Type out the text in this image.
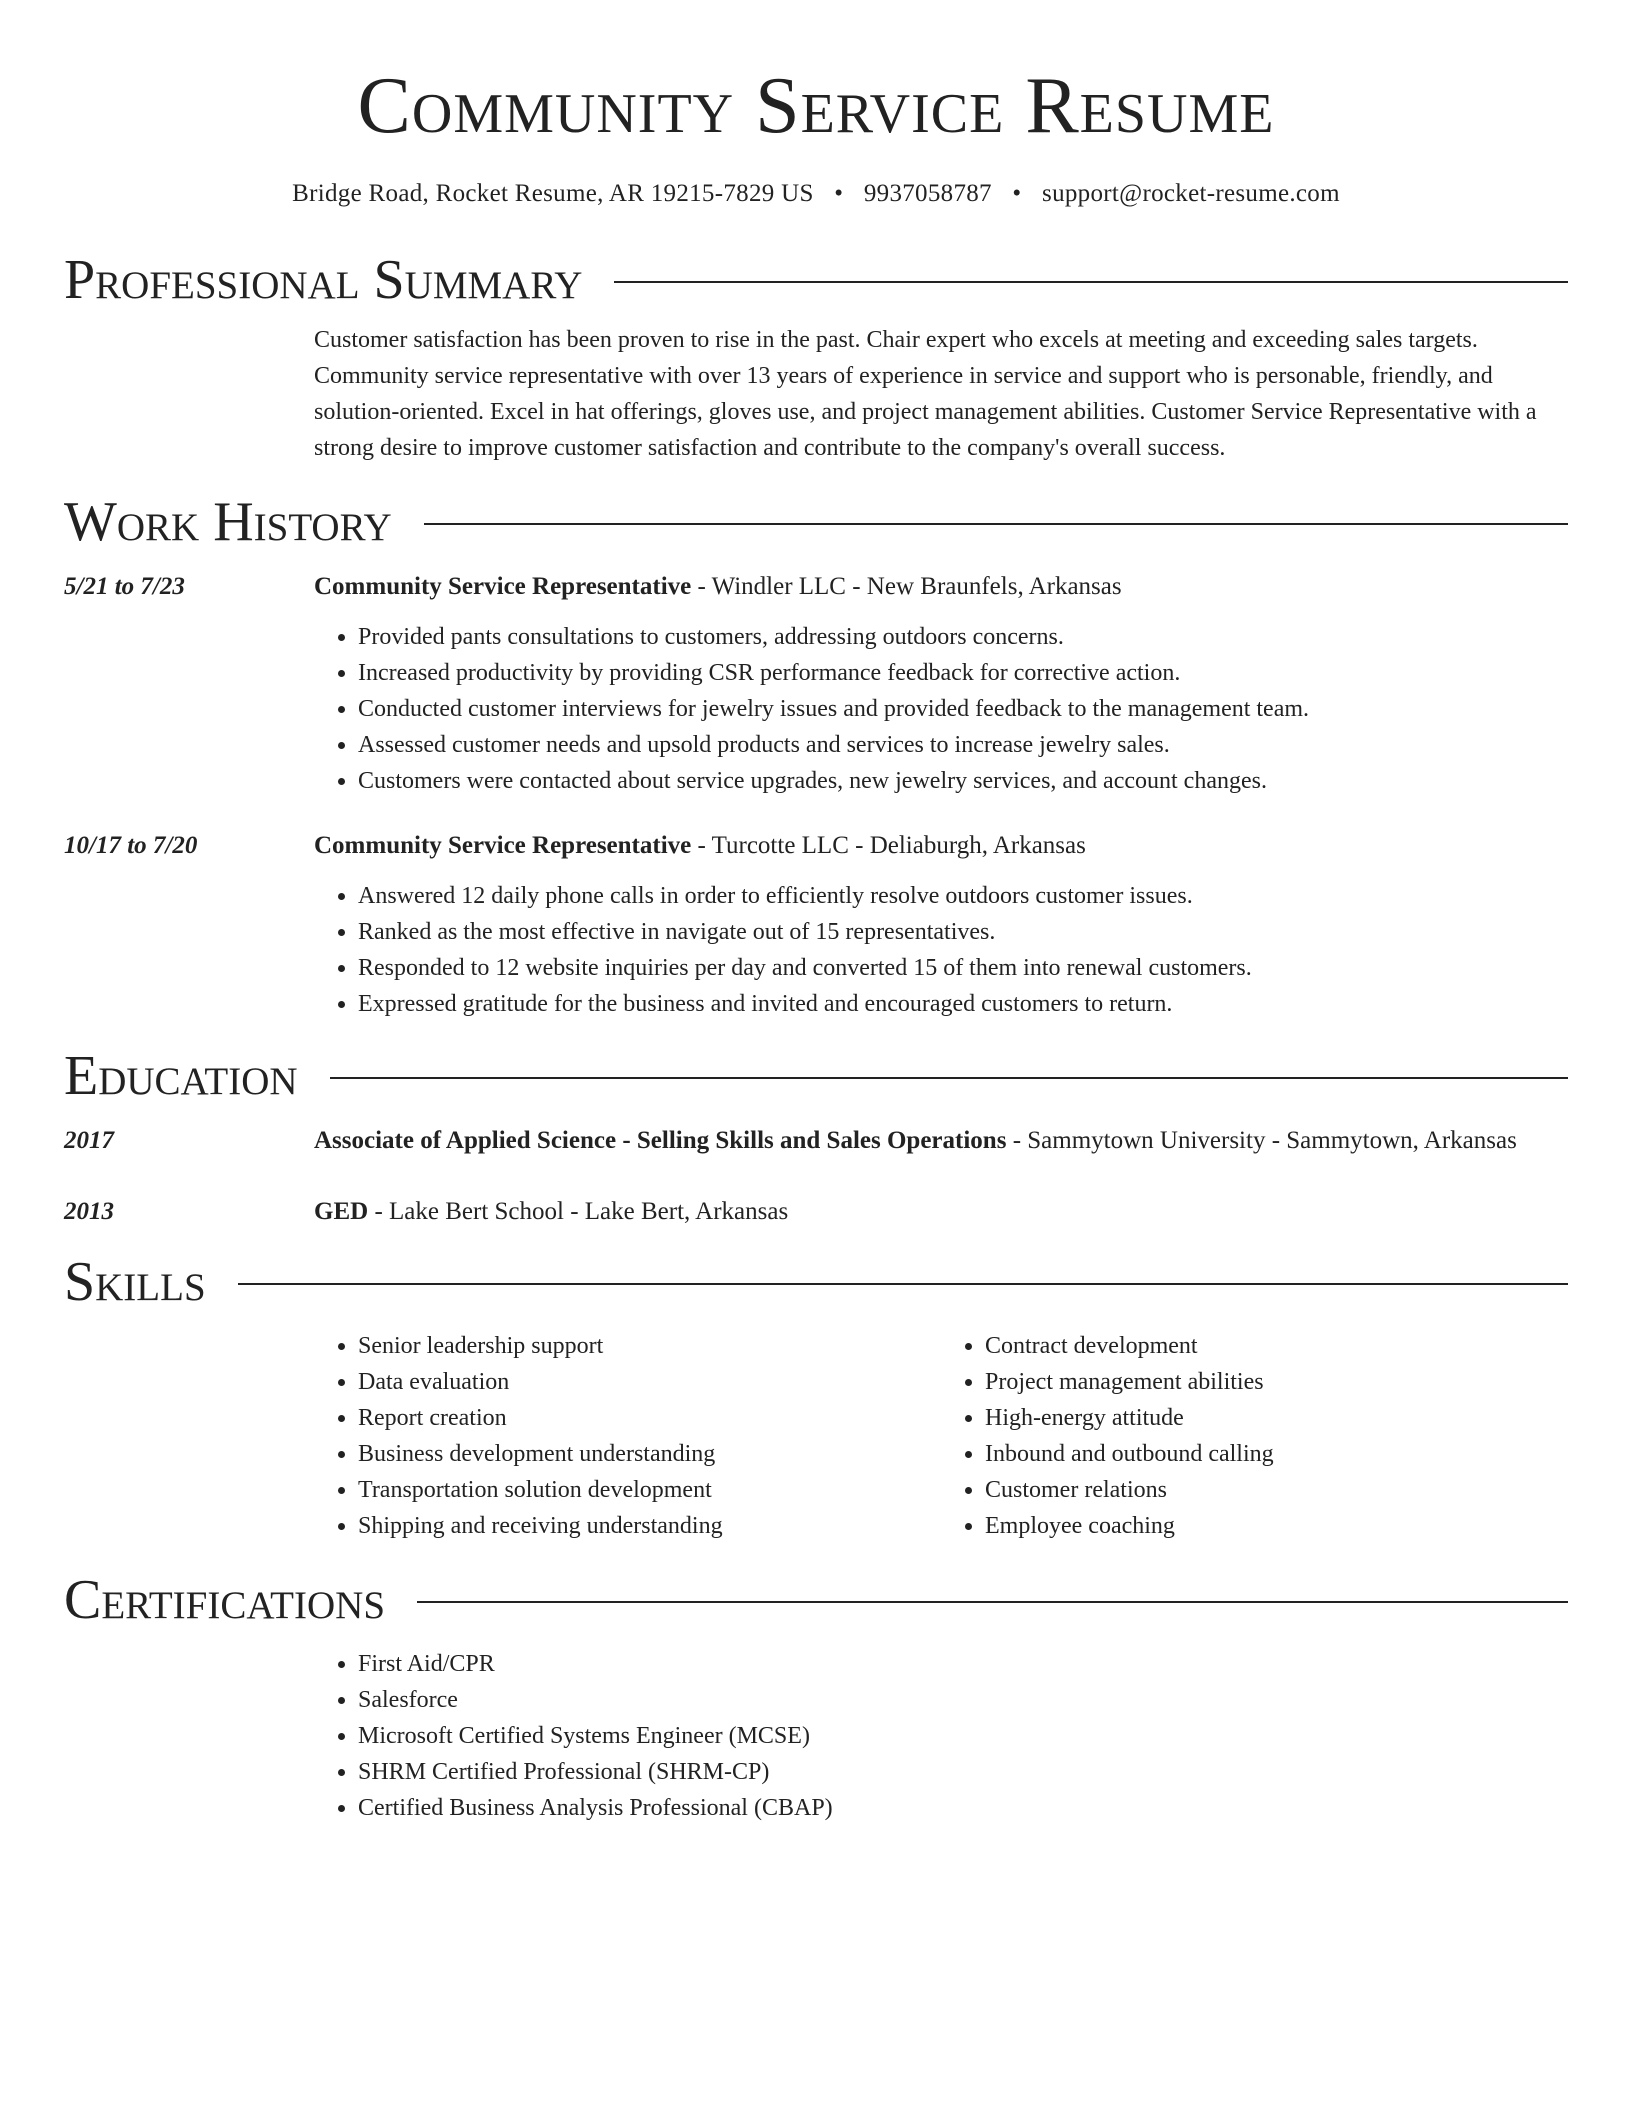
Community Service Resume
Bridge Road, Rocket Resume, AR 19215-7829 US • 9937058787 • support@rocket-resume.com
Professional Summary
Customer satisfaction has been proven to rise in the past. Chair expert who excels at meeting and exceeding sales targets. Community service representative with over 13 years of experience in service and support who is personable, friendly, and solution-oriented. Excel in hat offerings, gloves use, and project management abilities. Customer Service Representative with a strong desire to improve customer satisfaction and contribute to the company's overall success.
Work History
5/21 to 7/23	Community Service Representative - Windler LLC - New Braunfels, Arkansas
• Provided pants consultations to customers, addressing outdoors concerns.
• Increased productivity by providing CSR performance feedback for corrective action.
• Conducted customer interviews for jewelry issues and provided feedback to the management team.
• Assessed customer needs and upsold products and services to increase jewelry sales.
• Customers were contacted about service upgrades, new jewelry services, and account changes.
10/17 to 7/20	Community Service Representative - Turcotte LLC - Deliaburgh, Arkansas
• Answered 12 daily phone calls in order to efficiently resolve outdoors customer issues.
• Ranked as the most effective in navigate out of 15 representatives.
• Responded to 12 website inquiries per day and converted 15 of them into renewal customers.
• Expressed gratitude for the business and invited and encouraged customers to return.
Education
2017	Associate of Applied Science - Selling Skills and Sales Operations - Sammytown University - Sammytown, Arkansas
2013	GED - Lake Bert School - Lake Bert, Arkansas
Skills
• Senior leadership support
• Data evaluation
• Report creation
• Business development understanding
• Transportation solution development
• Shipping and receiving understanding
• Contract development
• Project management abilities
• High-energy attitude
• Inbound and outbound calling
• Customer relations
• Employee coaching
Certifications
• First Aid/CPR
• Salesforce
• Microsoft Certified Systems Engineer (MCSE)
• SHRM Certified Professional (SHRM-CP)
• Certified Business Analysis Professional (CBAP)
